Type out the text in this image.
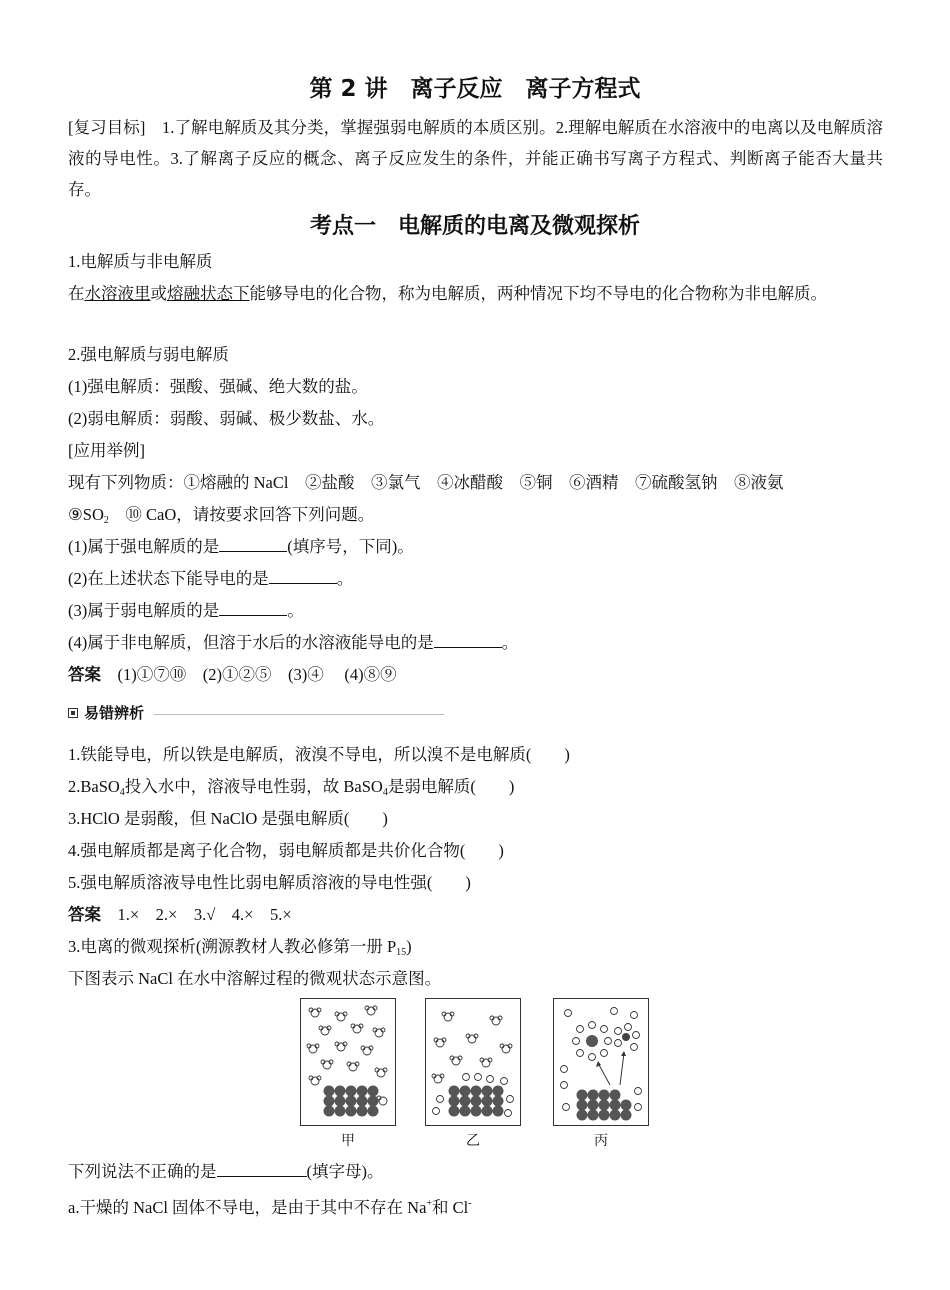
第 2 讲　离子反应　离子方程式
[复习目标]　 1.了解电解质及其分类，掌握强弱电解质的本质区别。2.理解电解质在水溶液中的电离以及电解质溶液的导电性。3.了解离子反应的概念、离子反应发生的条件，并能正确书写离子方程式、判断离子能否大量共存。
考点一　电解质的电离及微观探析
1.电解质与非电解质
在水溶液里或熔融状态下能够导电的化合物，称为电解质，两种情况下均不导电的化合物称为非电解质。
2.强电解质与弱电解质
(1)强电解质：强酸、强碱、绝大数的盐。
(2)弱电解质：弱酸、弱碱、极少数盐、水。
[应用举例]
现有下列物质：①熔融的 NaCl　②盐酸　③氯气　④冰醋酸　⑤铜　⑥酒精　⑦硫酸氢钠　⑧液氨
$⑨SO_2$　⑩ CaO，请按要求回答下列问题。
(1)属于强电解质的是	(填序号，下同)。
(2)在上述状态下能导电的是	。
(3)属于弱电解质的是	。
(4)属于非电解质，但溶于水后的水溶液能导电的是	。
答案　 (1)①⑦⑩　(2)①②⑤　(3)④　 (4)⑧⑨
易错辨析
1.铁能导电，所以铁是电解质，液溴不导电，所以溴不是电解质(　　)
2.BaSO$_4$投入水中，溶液导电性弱，故 BaSO$_4$是弱电解质(　　)
3.HClO 是弱酸，但 NaClO 是强电解质(　　)
4.强电解质都是离子化合物，弱电解质都是共价化合物(　　)
5.强电解质溶液导电性比弱电解质溶液的导电性强(　　)
答案　 1.×　2.×　3.√　4.×　5.×
3.电离的微观探析(溯源教材人教必修第一册 $P_{15}$)
下图表示 NaCl 在水中溶解过程的微观状态示意图。
甲	乙	丙
下列说法不正确的是	(填字母)。
a.干燥的 NaCl 固体不导电，是由于其中不存在 Na+和 Cl-
